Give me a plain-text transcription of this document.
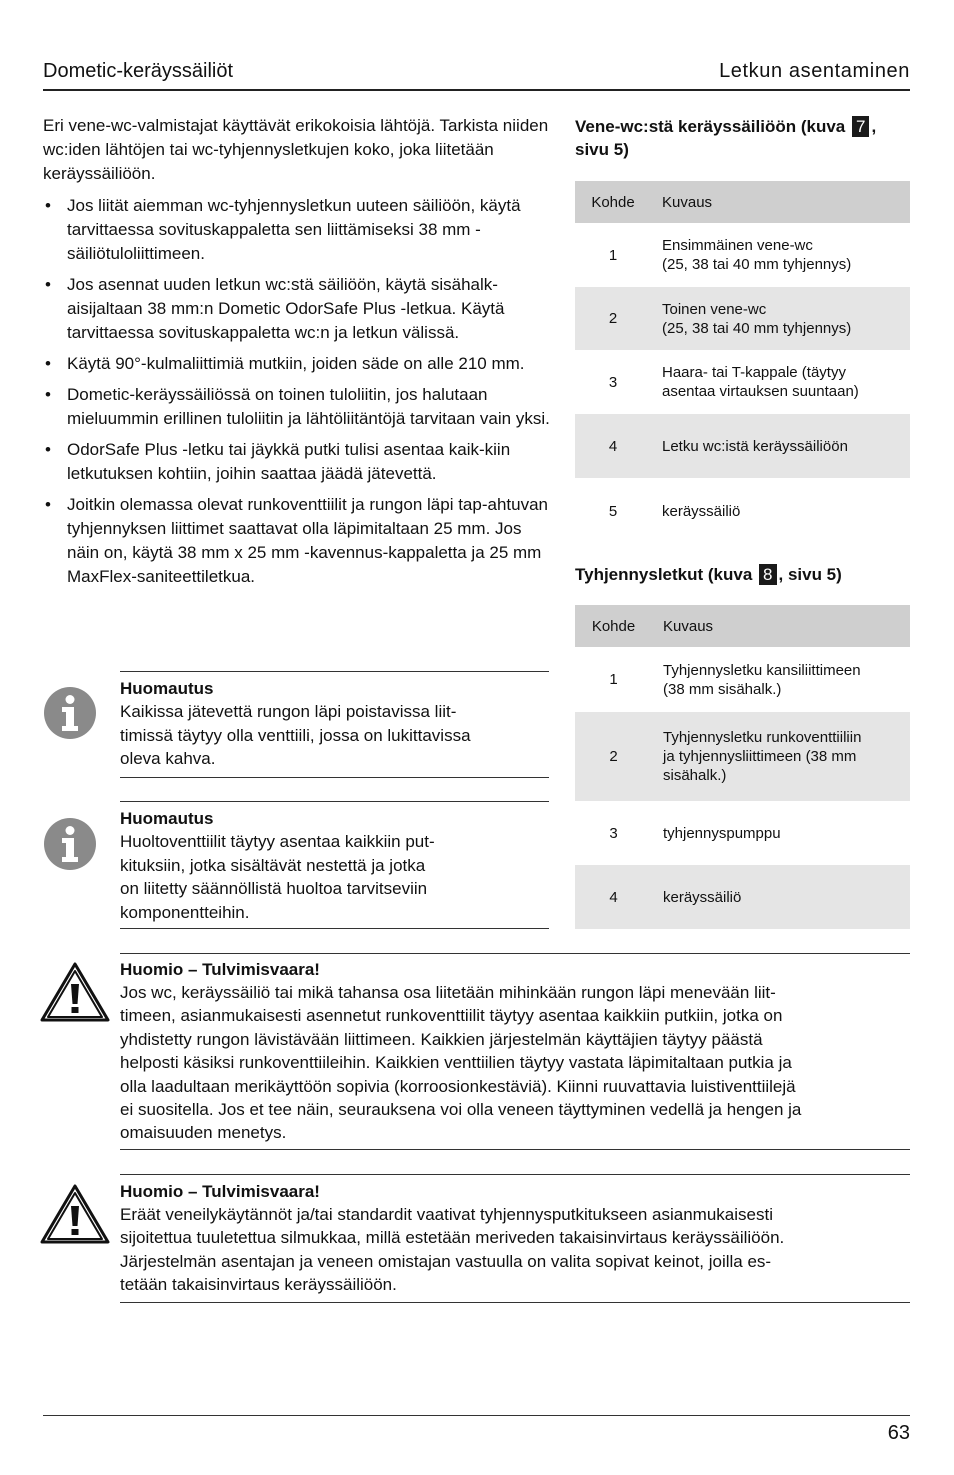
Dometic-keräyssäiliöt	Letkun asentaminen

Eri vene-wc-valmistajat käyttävät erikokoisia lähtöjä. Tarkista niiden wc:iden lähtöjen tai wc-tyhjennysletkujen koko, joka liitetään keräyssäiliöön.

• Jos liität aiemman wc-tyhjennysletkun uuteen säiliöön, käytä tarvittaessa sovituskappaletta sen liittämiseksi 38 mm -säiliötuloliittimeen.
• Jos asennat uuden letkun wc:stä säiliöön, käytä sisähalk-aisijaltaan 38 mm:n Dometic OdorSafe Plus -letkua. Käytä tarvittaessa sovituskappaletta wc:n ja letkun välissä.
• Käytä 90°-kulmaliittimiä mutkiin, joiden säde on alle 210 mm.
• Dometic-keräyssäiliössä on toinen tuloliitin, jos halutaan mieluummin erillinen tuloliitin ja lähtöliitäntöjä tarvitaan vain yksi.
• OdorSafe Plus -letku tai jäykkä putki tulisi asentaa kaik-kiin letkutuksen kohtiin, joihin saattaa jäädä jätevettä.
• Joitkin olemassa olevat runkoventtiilit ja rungon läpi tap-ahtuvan tyhjennyksen liittimet saattavat olla läpimitaltaan 25 mm. Jos näin on, käytä 38 mm x 25 mm -kavennus-kappaletta ja 25 mm MaxFlex-saniteettiletkua.
Vene-wc:stä keräyssäiliöön (kuva 7 , sivu 5)
Kohde	Kuvaus
1	Ensimmäinen vene-wc
(25, 38 tai 40 mm tyhjennys)
2	Toinen vene-wc
(25, 38 tai 40 mm tyhjennys)
3	Haara- tai T-kappale (täytyy
asentaa virtauksen suuntaan)
4	Letku wc:istä keräyssäiliöön
5	keräyssäiliö
Tyhjennysletkut (kuva 8 , sivu 5)
Kohde	Kuvaus
1	Tyhjennysletku kansiliittimeen
(38 mm sisähalk.)
2	Tyhjennysletku runkoventtiiliin
ja tyhjennysliittimeen (38 mm
sisähalk.)
3	tyhjennyspumppu
4	keräyssäiliö
Huomautus
Kaikissa jätevettä rungon läpi poistavissa liit-
timissä täytyy olla venttiili, jossa on lukittavissa
oleva kahva.
Huomautus
Huoltoventtiilit täytyy asentaa kaikkiin put-
kituksiin, jotka sisältävät nestettä ja jotka
on liitetty säännöllistä huoltoa tarvitseviin
komponentteihin.
Huomio – Tulvimisvaara!
Jos wc, keräyssäiliö tai mikä tahansa osa liitetään mihinkään rungon läpi menevään liit-
timeen, asianmukaisesti asennetut runkoventtiilit täytyy asentaa kaikkiin putkiin, jotka on
yhdistetty rungon lävistävään liittimeen. Kaikkien järjestelmän käyttäjien täytyy päästä
helposti käsiksi runkoventtiileihin. Kaikkien venttiilien täytyy vastata läpimitaltaan putkia ja
olla laadultaan merikäyttöön sopivia (korroosionkestäviä). Kiinni ruuvattavia luistiventtiilejä
ei suositella. Jos et tee näin, seurauksena voi olla veneen täyttyminen vedellä ja hengen ja
omaisuuden menetys.
Huomio – Tulvimisvaara!
Eräät veneilykäytännöt ja/tai standardit vaativat tyhjennysputkitukseen asianmukaisesti
sijoitettua tuuletettua silmukkaa, millä estetään meriveden takaisinvirtaus keräyssäiliöön.
Järjestelmän asentajan ja veneen omistajan vastuulla on valita sopivat keinot, joilla es-
tetään takaisinvirtaus keräyssäiliöön.
63
